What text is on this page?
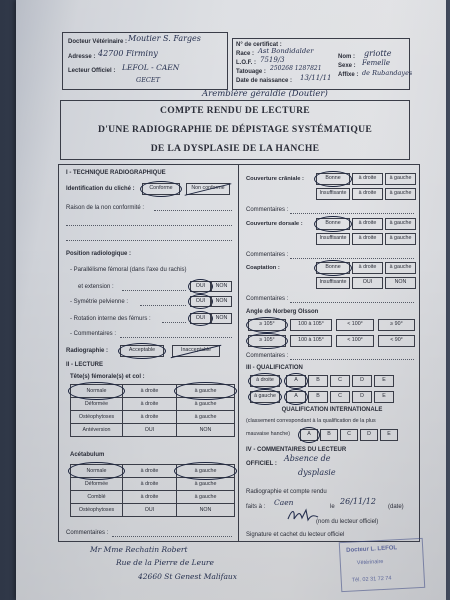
Docteur Vétérinaire : Moutier S. Farges
Adresse : 42700 Firminy
Lecteur Officiel : LEFOL - CAEN
GECET
N° de certificat :
Race : Ast Bondidalder
L.O.F. : 7519/3
Tatouage : 250268 1287821
Date de naissance : 13/11/11
Nom : griotte
Sexe : Femelle
Affixe : de Rubandayes
Arembière géraldie (Doutier)
COMPTE RENDU DE LECTURE
D'UNE RADIOGRAPHIE DE DÉPISTAGE SYSTÉMATIQUE
DE LA DYSPLASIE DE LA HANCHE
I - TECHNIQUE RADIOGRAPHIQUE
Identification du cliché :	Conforme	Non conforme
Raison de la non conformité :
Position radiologique :
- Parallélisme fémoral (dans l'axe du rachis)
et extension :	OUI	NON
- Symétrie pelvienne :	OUI	NON
- Rotation interne des fémurs :	OUI	NON
- Commentaires :
Radiographie :	Acceptable	Inacceptable
II - LECTURE
Tête(s) fémorale(s) et col :
Normale	à droite	à gauche
Déformée	à droite	à gauche
Ostéophytoses	à droite	à gauche
Antéversion	OUI	NON
Acétabulum
Normale	à droite	à gauche
Déformée	à droite	à gauche
Comblé	à droite	à gauche
Ostéophytoses	OUI	NON
Commentaires :
Couverture crâniale :	Bonne	à droite	à gauche
Insuffisante	à droite	à gauche
Commentaires :
Couverture dorsale :	Bonne	à droite	à gauche
Insuffisante	à droite	à gauche
Commentaires :
Coaptation :	Bonne	à droite	à gauche
Insuffisante	OUI	NON
Commentaires :
Angle de Norberg Olsson
≥ 105°	100 à 105°	< 100°	≥ 90°
≥ 105°	100 à 105°	< 100°	< 90°
Commentaires :
III - QUALIFICATION
à droite	A	B	C	D	E
à gauche	A	B	C	D	E
QUALIFICATION INTERNATIONALE
(classement correspondant à la qualification de la plus
mauvaise hanche)	A	B	C	D	E
IV - COMMENTAIRES DU LECTEUR
OFFICIEL :
Absence de
dysplasie
Radiographie et compte rendu
faits à : Caen	le
26/11/12
(date)
(nom du lecteur officiel)
Signature et cachet du lecteur officiel
Mr Mme Rechatin Robert
Rue de la Pierre de Leure
42660 St Genest Malifaux
Docteur L. LEFOL
Vétérinaire
Tél. 02 31 72 74
